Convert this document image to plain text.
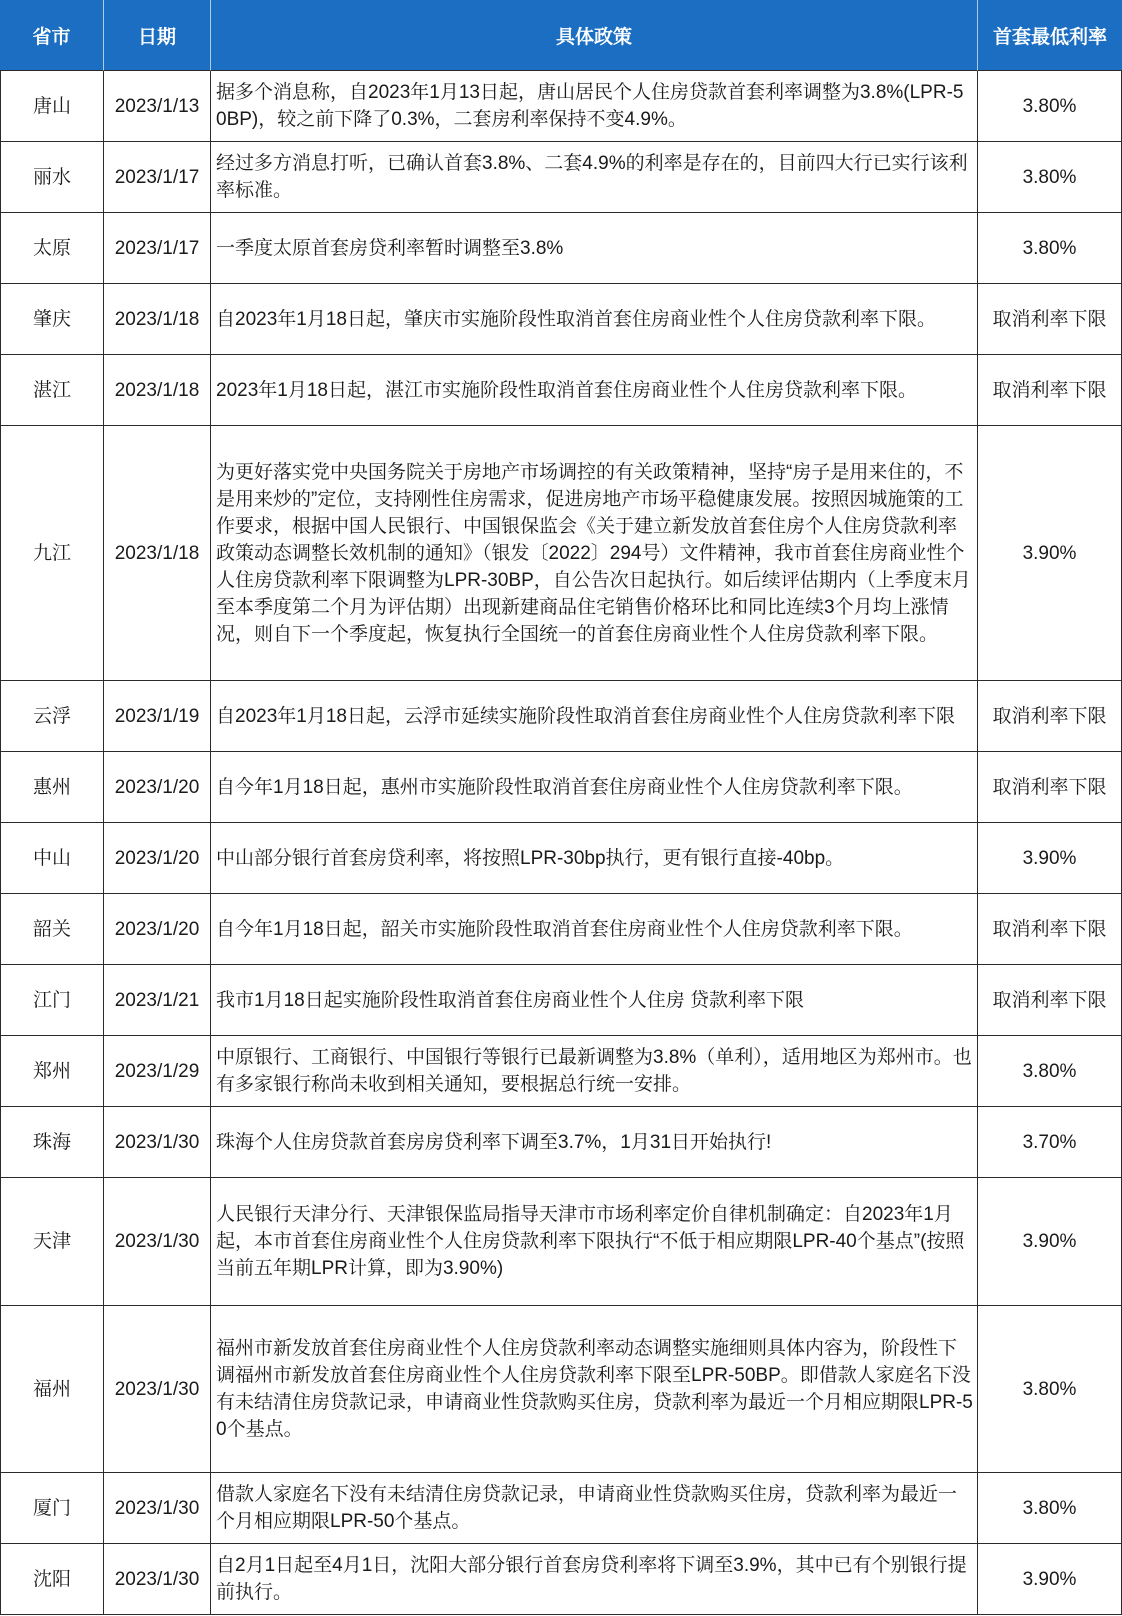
省市	日期	具体政策	首套最低利率
唐山	2023/1/13	据多个消息称，自2023年1月13日起，唐山居民个人住房贷款首套利率调整为3.8%(LPR-50BP)，较之前下降了0.3%，二套房利率保持不变4.9%。	3.80%
丽水	2023/1/17	经过多方消息打听，已确认首套3.8%、二套4.9%的利率是存在的，目前四大行已实行该利率标准。	3.80%
太原	2023/1/17	一季度太原首套房贷利率暂时调整至3.8%	3.80%
肇庆	2023/1/18	自2023年1月18日起，肇庆市实施阶段性取消首套住房商业性个人住房贷款利率下限。	取消利率下限
湛江	2023/1/18	2023年1月18日起，湛江市实施阶段性取消首套住房商业性个人住房贷款利率下限。	取消利率下限
九江	2023/1/18	为更好落实党中央国务院关于房地产市场调控的有关政策精神，坚持“房子是用来住的，不是用来炒的”定位，支持刚性住房需求，促进房地产市场平稳健康发展。按照因城施策的工作要求，根据中国人民银行、中国银保监会《关于建立新发放首套住房个人住房贷款利率政策动态调整长效机制的通知》（银发〔2022〕294号）文件精神，我市首套住房商业性个人住房贷款利率下限调整为LPR-30BP，自公告次日起执行。如后续评估期内（上季度末月至本季度第二个月为评估期）出现新建商品住宅销售价格环比和同比连续3个月均上涨情况，则自下一个季度起，恢复执行全国统一的首套住房商业性个人住房贷款利率下限。	3.90%
云浮	2023/1/19	自2023年1月18日起，云浮市延续实施阶段性取消首套住房商业性个人住房贷款利率下限	取消利率下限
惠州	2023/1/20	自今年1月18日起，惠州市实施阶段性取消首套住房商业性个人住房贷款利率下限。	取消利率下限
中山	2023/1/20	中山部分银行首套房贷利率，将按照LPR-30bp执行，更有银行直接-40bp。	3.90%
韶关	2023/1/20	自今年1月18日起，韶关市实施阶段性取消首套住房商业性个人住房贷款利率下限。	取消利率下限
江门	2023/1/21	我市1月18日起实施阶段性取消首套住房商业性个人住房 贷款利率下限	取消利率下限
郑州	2023/1/29	中原银行、工商银行、中国银行等银行已最新调整为3.8%（单利），适用地区为郑州市。也有多家银行称尚未收到相关通知，要根据总行统一安排。	3.80%
珠海	2023/1/30	珠海个人住房贷款首套房房贷利率下调至3.7%，1月31日开始执行!	3.70%
天津	2023/1/30	人民银行天津分行、天津银保监局指导天津市市场利率定价自律机制确定：自2023年1月起，本市首套住房商业性个人住房贷款利率下限执行“不低于相应期限LPR-40个基点”(按照当前五年期LPR计算，即为3.90%)	3.90%
福州	2023/1/30	福州市新发放首套住房商业性个人住房贷款利率动态调整实施细则具体内容为，阶段性下调福州市新发放首套住房商业性个人住房贷款利率下限至LPR-50BP。即借款人家庭名下没有未结清住房贷款记录，申请商业性贷款购买住房，贷款利率为最近一个月相应期限LPR-50个基点。	3.80%
厦门	2023/1/30	借款人家庭名下没有未结清住房贷款记录，申请商业性贷款购买住房，贷款利率为最近一个月相应期限LPR-50个基点。	3.80%
沈阳	2023/1/30	自2月1日起至4月1日，沈阳大部分银行首套房贷利率将下调至3.9%，其中已有个别银行提前执行。	3.90%
